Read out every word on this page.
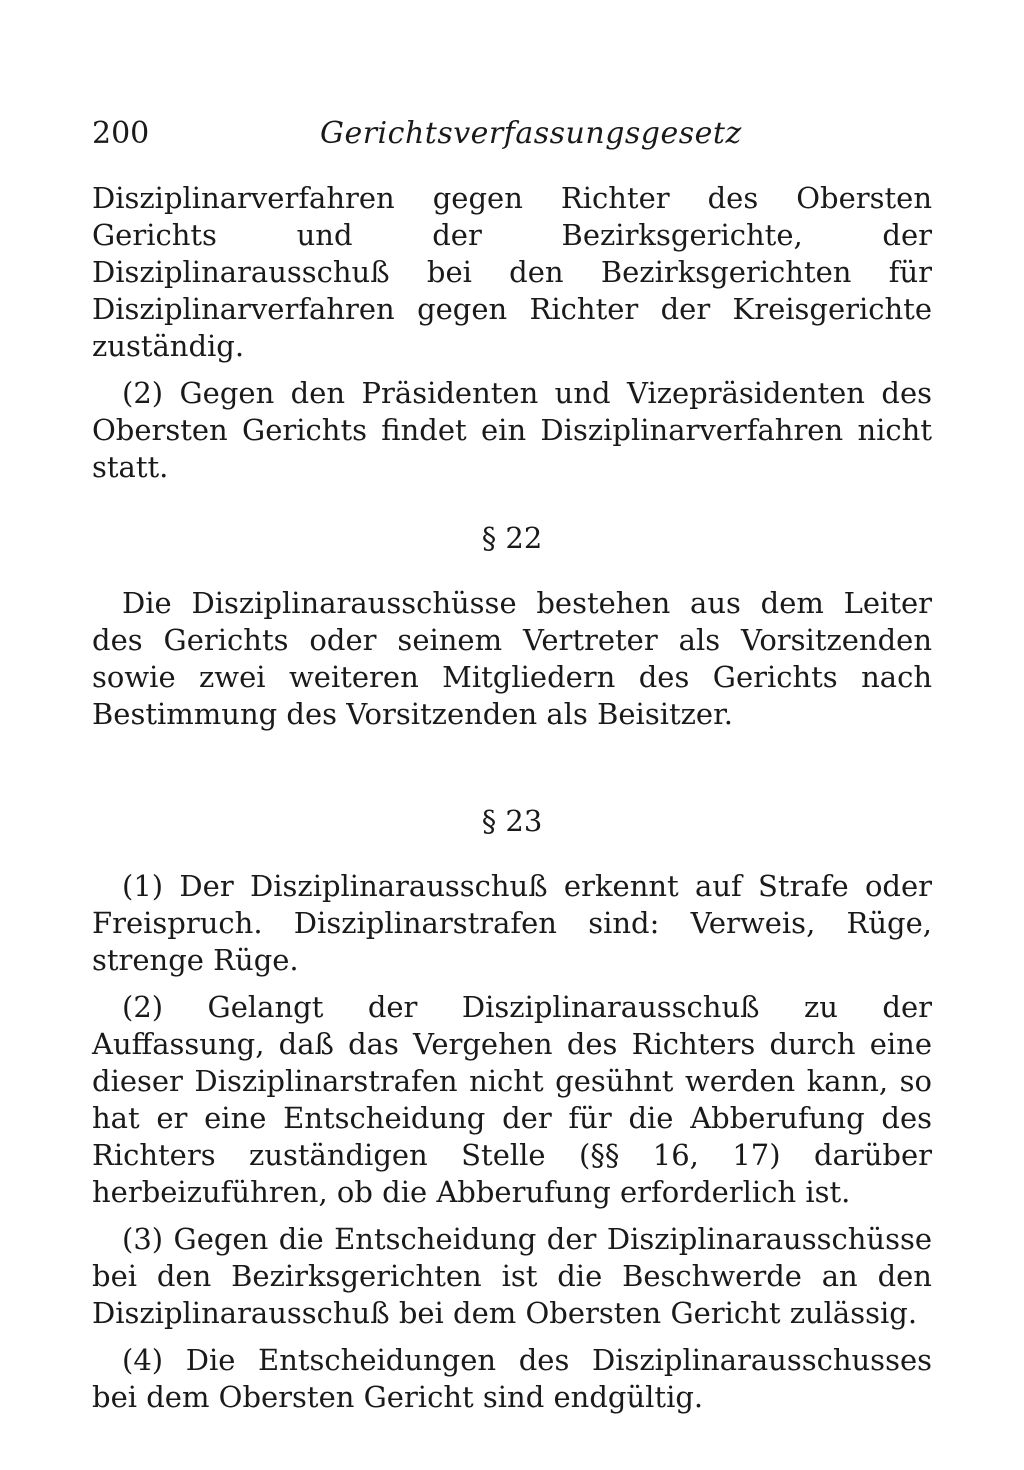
200	Gerichtsverfassungsgesetz

Disziplinarverfahren gegen Richter des Obersten Gerichts und der Bezirksgerichte, der Disziplinarausschuß bei den Bezirksgerichten für Disziplinarverfahren gegen Richter der Kreisgerichte zuständig.

(2) Gegen den Präsidenten und Vizepräsidenten des Obersten Gerichts findet ein Disziplinarverfahren nicht statt.

§ 22

Die Disziplinarausschüsse bestehen aus dem Leiter des Gerichts oder seinem Vertreter als Vorsitzenden sowie zwei weiteren Mitgliedern des Gerichts nach Bestimmung des Vorsitzenden als Beisitzer.

§ 23

(1) Der Disziplinarausschuß erkennt auf Strafe oder Freispruch. Disziplinarstrafen sind: Verweis, Rüge, strenge Rüge.

(2) Gelangt der Disziplinarausschuß zu der Auffassung, daß das Vergehen des Richters durch eine dieser Disziplinarstrafen nicht gesühnt werden kann, so hat er eine Entscheidung der für die Abberufung des Richters zuständigen Stelle (§§ 16, 17) darüber herbeizuführen, ob die Abberufung erforderlich ist.

(3) Gegen die Entscheidung der Disziplinarausschüsse bei den Bezirksgerichten ist die Beschwerde an den Disziplinarausschuß bei dem Obersten Gericht zulässig.

(4) Die Entscheidungen des Disziplinarausschusses bei dem Obersten Gericht sind endgültig.
